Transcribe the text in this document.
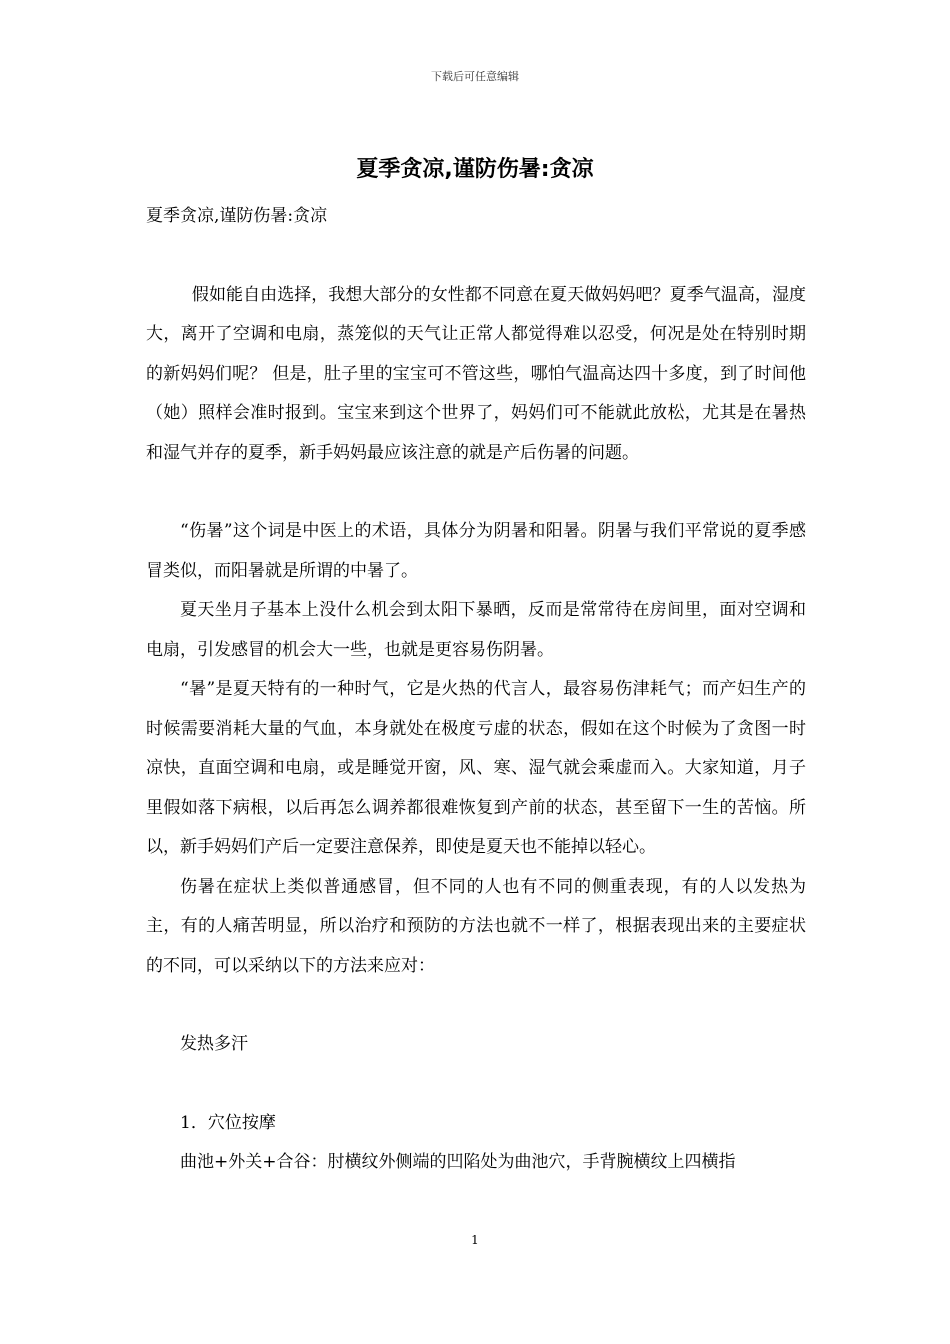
下载后可任意编辑
夏季贪凉,谨防伤暑:贪凉

夏季贪凉,谨防伤暑:贪凉

假如能自由选择，我想大部分的女性都不同意在夏天做妈妈吧？夏季气温高，湿度大，离开了空调和电扇，蒸笼似的天气让正常人都觉得难以忍受，何况是处在特别时期的新妈妈们呢？ 但是，肚子里的宝宝可不管这些，哪怕气温高达四十多度，到了时间他（她）照样会准时报到。宝宝来到这个世界了，妈妈们可不能就此放松，尤其是在暑热和湿气并存的夏季，新手妈妈最应该注意的就是产后伤暑的问题。

“伤暑”这个词是中医上的术语，具体分为阴暑和阳暑。阴暑与我们平常说的夏季感冒类似，而阳暑就是所谓的中暑了。

夏天坐月子基本上没什么机会到太阳下暴晒，反而是常常待在房间里，面对空调和电扇，引发感冒的机会大一些，也就是更容易伤阴暑。

“暑”是夏天特有的一种时气，它是火热的代言人，最容易伤津耗气；而产妇生产的时候需要消耗大量的气血，本身就处在极度亏虚的状态，假如在这个时候为了贪图一时凉快，直面空调和电扇，或是睡觉开窗，风、寒、湿气就会乘虚而入。大家知道，月子里假如落下病根，以后再怎么调养都很难恢复到产前的状态，甚至留下一生的苦恼。所以，新手妈妈们产后一定要注意保养，即使是夏天也不能掉以轻心。

伤暑在症状上类似普通感冒，但不同的人也有不同的侧重表现，有的人以发热为主，有的人痛苦明显，所以治疗和预防的方法也就不一样了，根据表现出来的主要症状的不同，可以采纳以下的方法来应对：

发热多汗

1．穴位按摩

曲池+外关+合谷：肘横纹外侧端的凹陷处为曲池穴，手背腕横纹上四横指

1
